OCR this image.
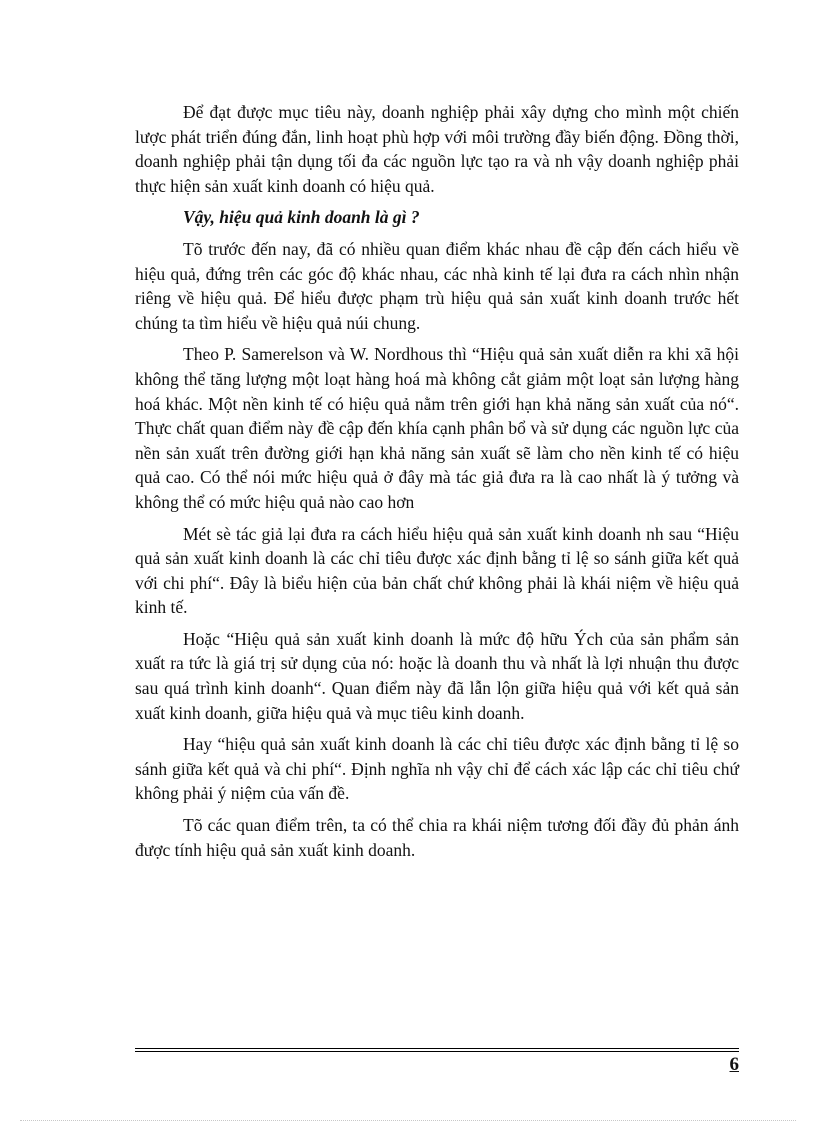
Để đạt được mục tiêu này, doanh nghiệp phải xây dựng cho mình một chiến lược phát triển đúng đắn, linh hoạt phù hợp với môi trường đầy biến động. Đồng thời, doanh nghiệp phải tận dụng tối đa các nguồn lực tạo ra và nh vậy doanh nghiệp phải thực hiện sản xuất kinh doanh có hiệu quả.

Vậy, hiệu quả kinh doanh là gì ?

Tõ trước đến nay, đã có nhiều quan điểm khác nhau đề cập đến cách hiểu về hiệu quả, đứng trên các góc độ khác nhau, các nhà kinh tế lại đưa ra cách nhìn nhận riêng về hiệu quả. Để hiểu được phạm trù hiệu quả sản xuất kinh doanh trước hết chúng ta tìm hiểu về hiệu quả núi chung.

Theo P. Samerelson và W. Nordhous thì “Hiệu quả sản xuất diễn ra khi xã hội không thể tăng lượng một loạt hàng hoá mà không cắt giảm một loạt sản lượng hàng hoá khác. Một nền kinh tế có hiệu quả nằm trên giới hạn khả năng sản xuất của nó“. Thực chất quan điểm này đề cập đến khía cạnh phân bổ và sử dụng các nguồn lực của nền sản xuất trên đường giới hạn khả năng sản xuất sẽ làm cho nền kinh tế có hiệu quả cao. Có thể nói mức hiệu quả ở đây mà tác giả đưa ra là cao nhất là ý tưởng và không thể có mức hiệu quả nào cao hơn

Mét sè tác giả lại đưa ra cách hiểu hiệu quả sản xuất kinh doanh nh sau “Hiệu quả sản xuất kinh doanh là các chỉ tiêu được xác định bằng tỉ lệ so sánh giữa kết quả với chi phí“. Đây là biểu hiện của bản chất chứ không phải là khái niệm về hiệu quả kinh tế.

Hoặc “Hiệu quả sản xuất kinh doanh là mức độ hữu Ých của sản phẩm sản xuất ra tức là giá trị sử dụng của nó: hoặc là doanh thu và nhất là lợi nhuận thu được sau quá trình kinh doanh“. Quan điểm này đã lẫn lộn giữa hiệu quả với kết quả sản xuất kinh doanh, giữa hiệu quả và mục tiêu kinh doanh.

Hay “hiệu quả sản xuất kinh doanh là các chỉ tiêu được xác định bằng tỉ lệ so sánh giữa kết quả và chi phí“. Định nghĩa nh vậy chỉ để cách xác lập các chỉ tiêu chứ không phải ý niệm của vấn đề.

Tõ các quan điểm trên, ta có thể chia ra khái niệm tương đối đầy đủ phản ánh được tính hiệu quả sản xuất kinh doanh.

6
